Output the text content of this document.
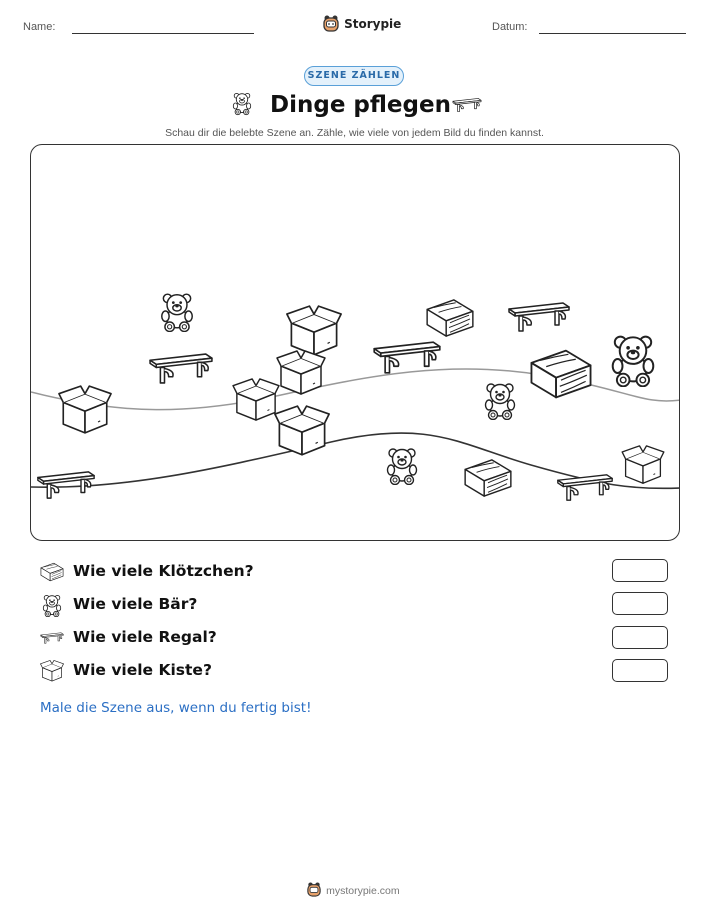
Name:	Storypie	Datum:
SZENE ZÄHLEN
Dinge pflegen
Schau dir die belebte Szene an. Zähle, wie viele von jedem Bild du finden kannst.
Wie viele Klötzchen?
Wie viele Bär?
Wie viele Regal?
Wie viele Kiste?
Male die Szene aus, wenn du fertig bist!
mystorypie.com
